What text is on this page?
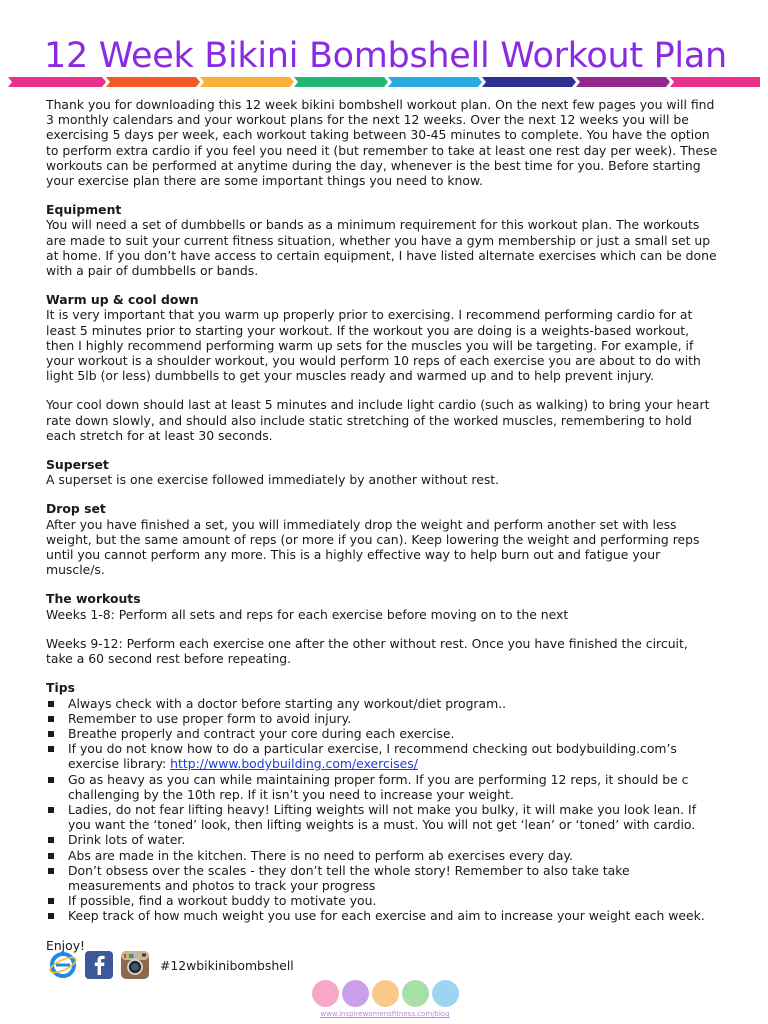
12 Week Bikini Bombshell Workout Plan

Thank you for downloading this 12 week bikini bombshell workout plan. On the next few pages you will find 3 monthly calendars and your workout plans for the next 12 weeks. Over the next 12 weeks you will be exercising 5 days per week, each workout taking between 30-45 minutes to complete. You have the option to perform extra cardio if you feel you need it (but remember to take at least one rest day per week). These workouts can be performed at anytime during the day, whenever is the best time for you. Before starting your exercise plan there are some important things you need to know.

Equipment

You will need a set of dumbbells or bands as a minimum requirement for this workout plan. The workouts are made to suit your current fitness situation, whether you have a gym membership or just a small set up at home. If you don’t have access to certain equipment, I have listed alternate exercises which can be done with a pair of dumbbells or bands.

Warm up & cool down

It is very important that you warm up properly prior to exercising. I recommend performing cardio for at least 5 minutes prior to starting your workout. If the workout you are doing is a weights-based workout, then I highly recommend performing warm up sets for the muscles you will be targeting. For example, if your workout is a shoulder workout, you would perform 10 reps of each exercise you are about to do with light 5lb (or less) dumbbells to get your muscles ready and warmed up and to help prevent injury.

Your cool down should last at least 5 minutes and include light cardio (such as walking) to bring your heart rate down slowly, and should also include static stretching of the worked muscles, remembering to hold each stretch for at least 30 seconds.

Superset

A superset is one exercise followed immediately by another without rest.

Drop set

After you have finished a set, you will immediately drop the weight and perform another set with less weight, but the same amount of reps (or more if you can). Keep lowering the weight and performing reps until you cannot perform any more. This is a highly effective way to help burn out and fatigue your muscle/s.

The workouts

Weeks 1-8: Perform all sets and reps for each exercise before moving on to the next

Weeks 9-12: Perform each exercise one after the other without rest. Once you have finished the circuit, take a 60 second rest before repeating.

Tips
Always check with a doctor before starting any workout/diet program..
Remember to use proper form to avoid injury.
Breathe properly and contract your core during each exercise.
If you do not know how to do a particular exercise, I recommend checking out bodybuilding.com’s exercise library: http://www.bodybuilding.com/exercises/
Go as heavy as you can while maintaining proper form. If you are performing 12 reps, it should be c challenging by the 10th rep. If it isn’t you need to increase your weight.
Ladies, do not fear lifting heavy! Lifting weights will not make you bulky, it will make you look lean. If you want the ‘toned’ look, then lifting weights is a must. You will not get ‘lean’ or ‘toned’ with cardio.
Drink lots of water.
Abs are made in the kitchen. There is no need to perform ab exercises every day.
Don’t obsess over the scales - they don’t tell the whole story! Remember to also take take measurements and photos to track your progress
If possible, find a workout buddy to motivate you.
Keep track of how much weight you use for each exercise and aim to increase your weight each week.

Enjoy!

#12wbikinibombshell
www.inspirewomensfitness.com/blog
